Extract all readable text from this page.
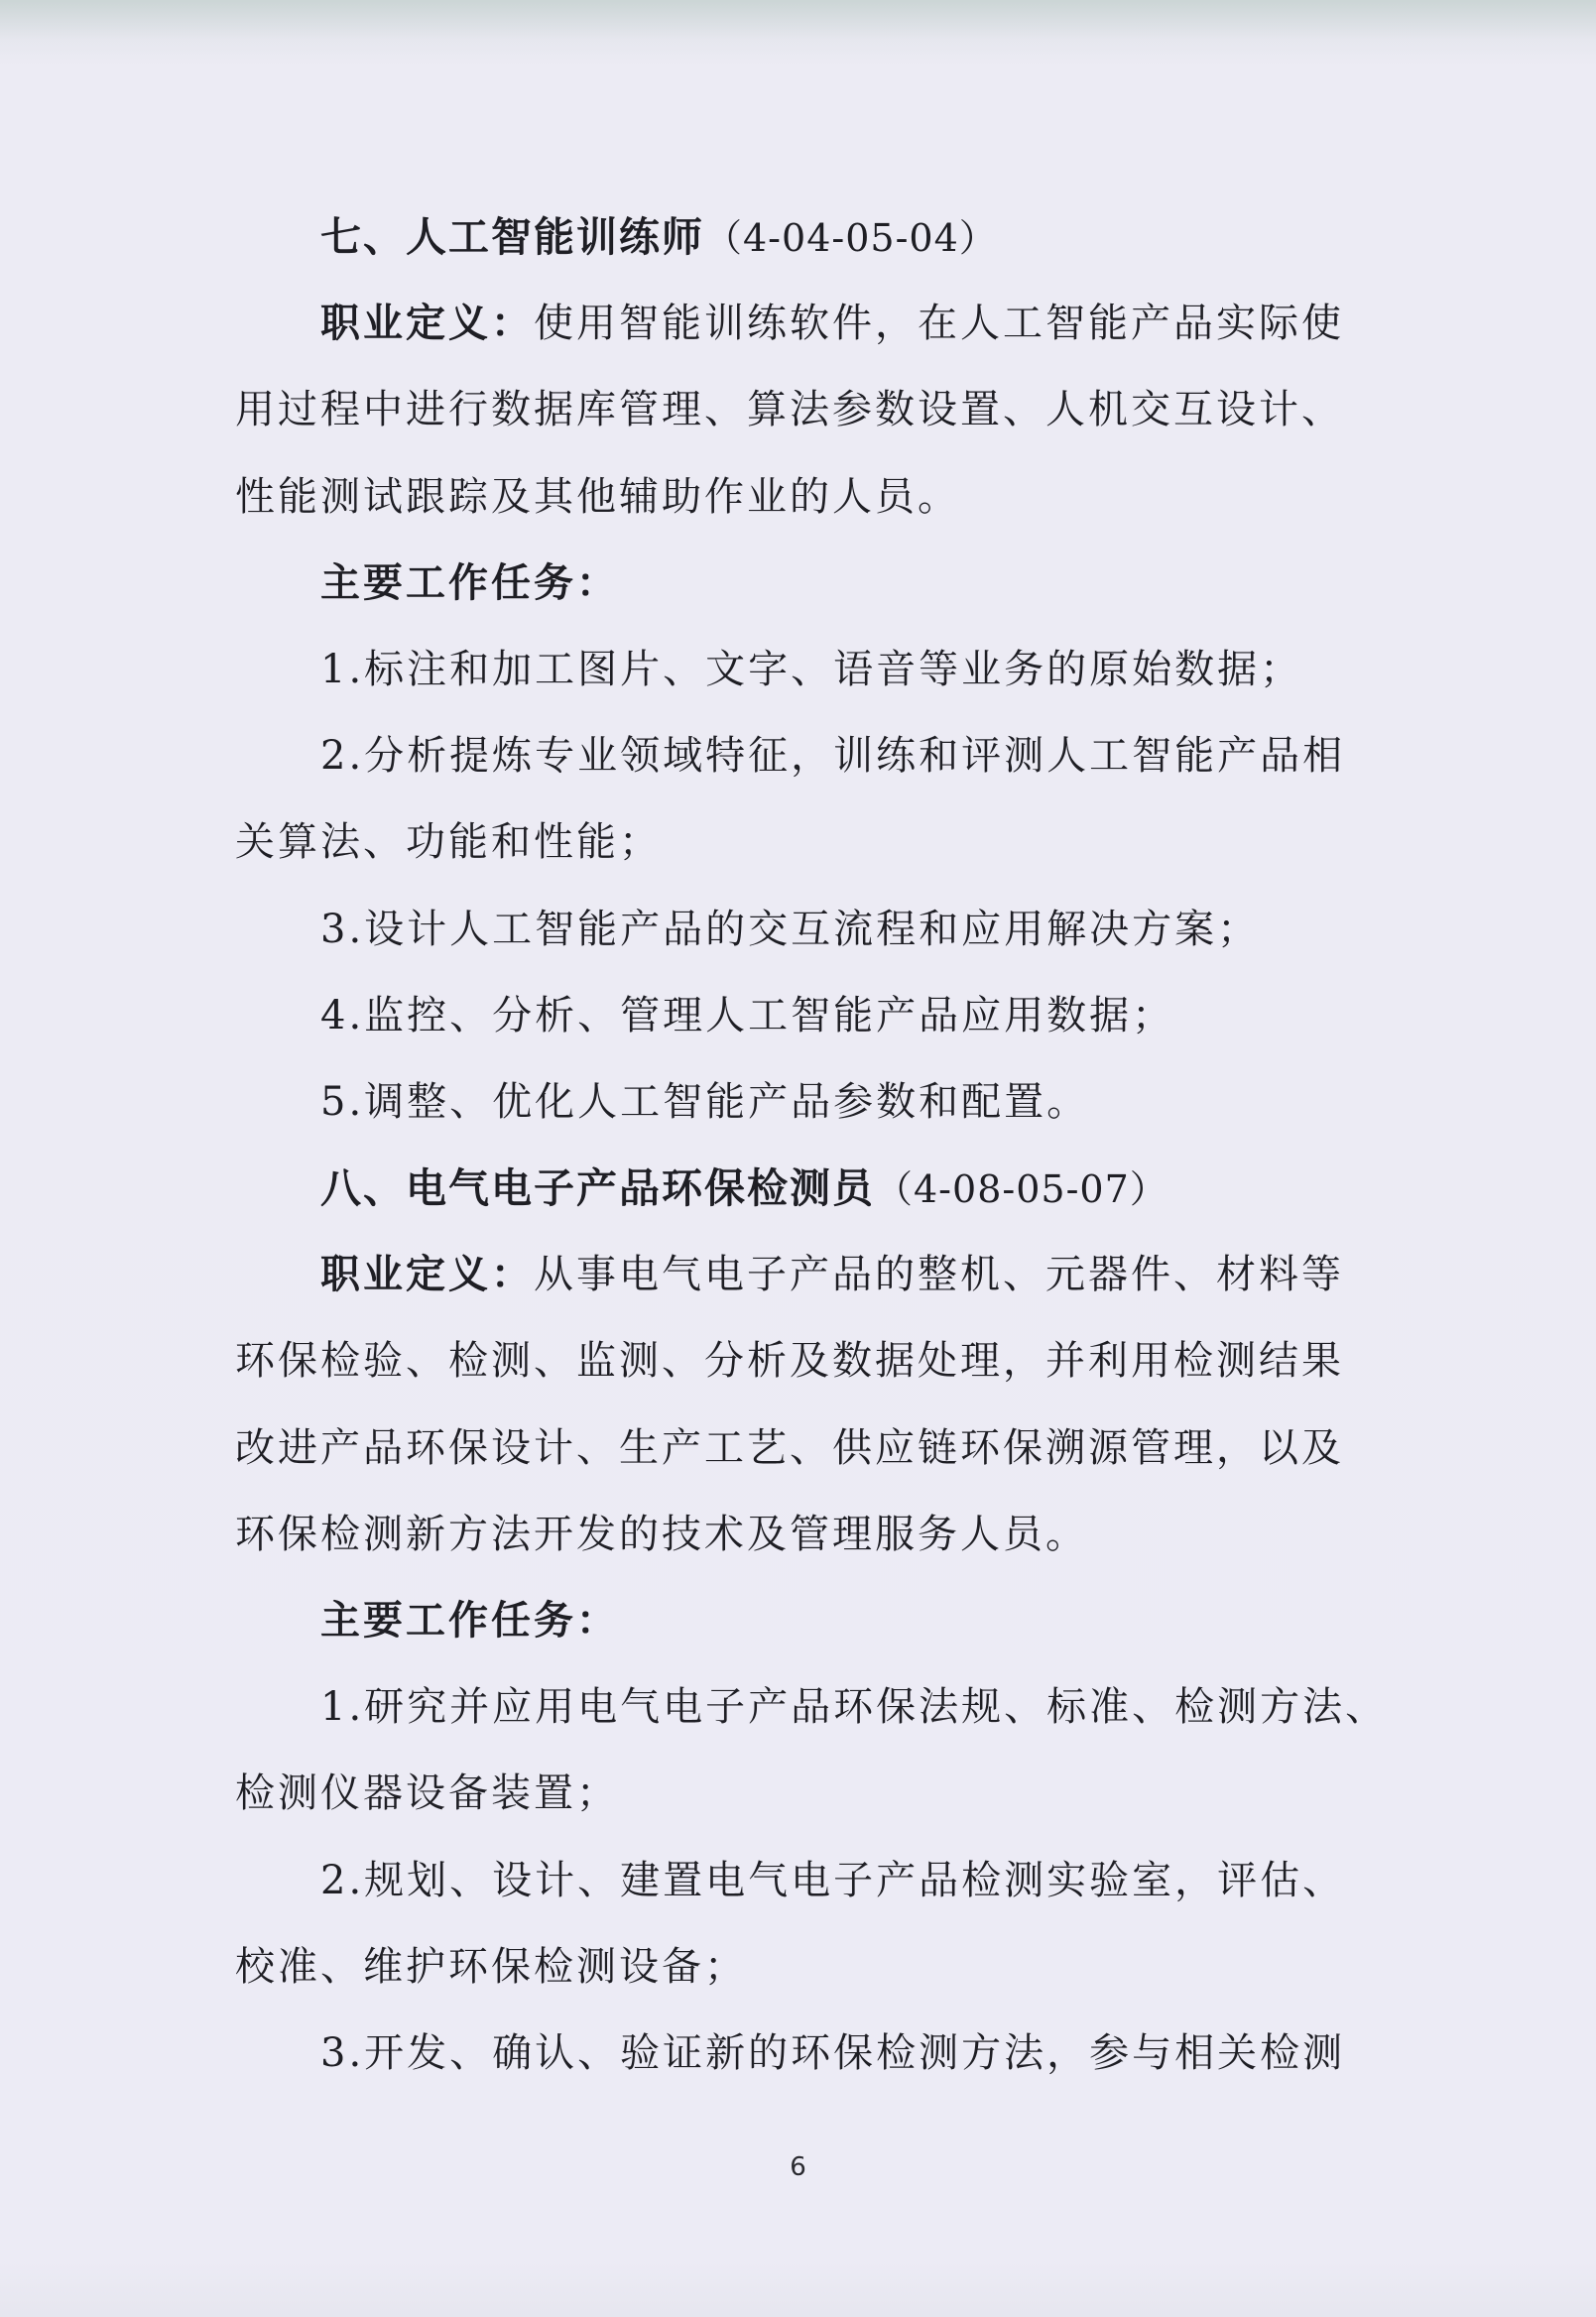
七、人工智能训练师（4-04-05-04）
职业定义：使用智能训练软件，在人工智能产品实际使
用过程中进行数据库管理、算法参数设置、人机交互设计、
性能测试跟踪及其他辅助作业的人员。
主要工作任务：
1.标注和加工图片、文字、语音等业务的原始数据；
2.分析提炼专业领域特征，训练和评测人工智能产品相
关算法、功能和性能；
3.设计人工智能产品的交互流程和应用解决方案；
4.监控、分析、管理人工智能产品应用数据；
5.调整、优化人工智能产品参数和配置。
八、电气电子产品环保检测员（4-08-05-07）
职业定义：从事电气电子产品的整机、元器件、材料等
环保检验、检测、监测、分析及数据处理，并利用检测结果
改进产品环保设计、生产工艺、供应链环保溯源管理，以及
环保检测新方法开发的技术及管理服务人员。
主要工作任务：
1.研究并应用电气电子产品环保法规、标准、检测方法、
检测仪器设备装置；
2.规划、设计、建置电气电子产品检测实验室，评估、
校准、维护环保检测设备；
3.开发、确认、验证新的环保检测方法，参与相关检测
6
